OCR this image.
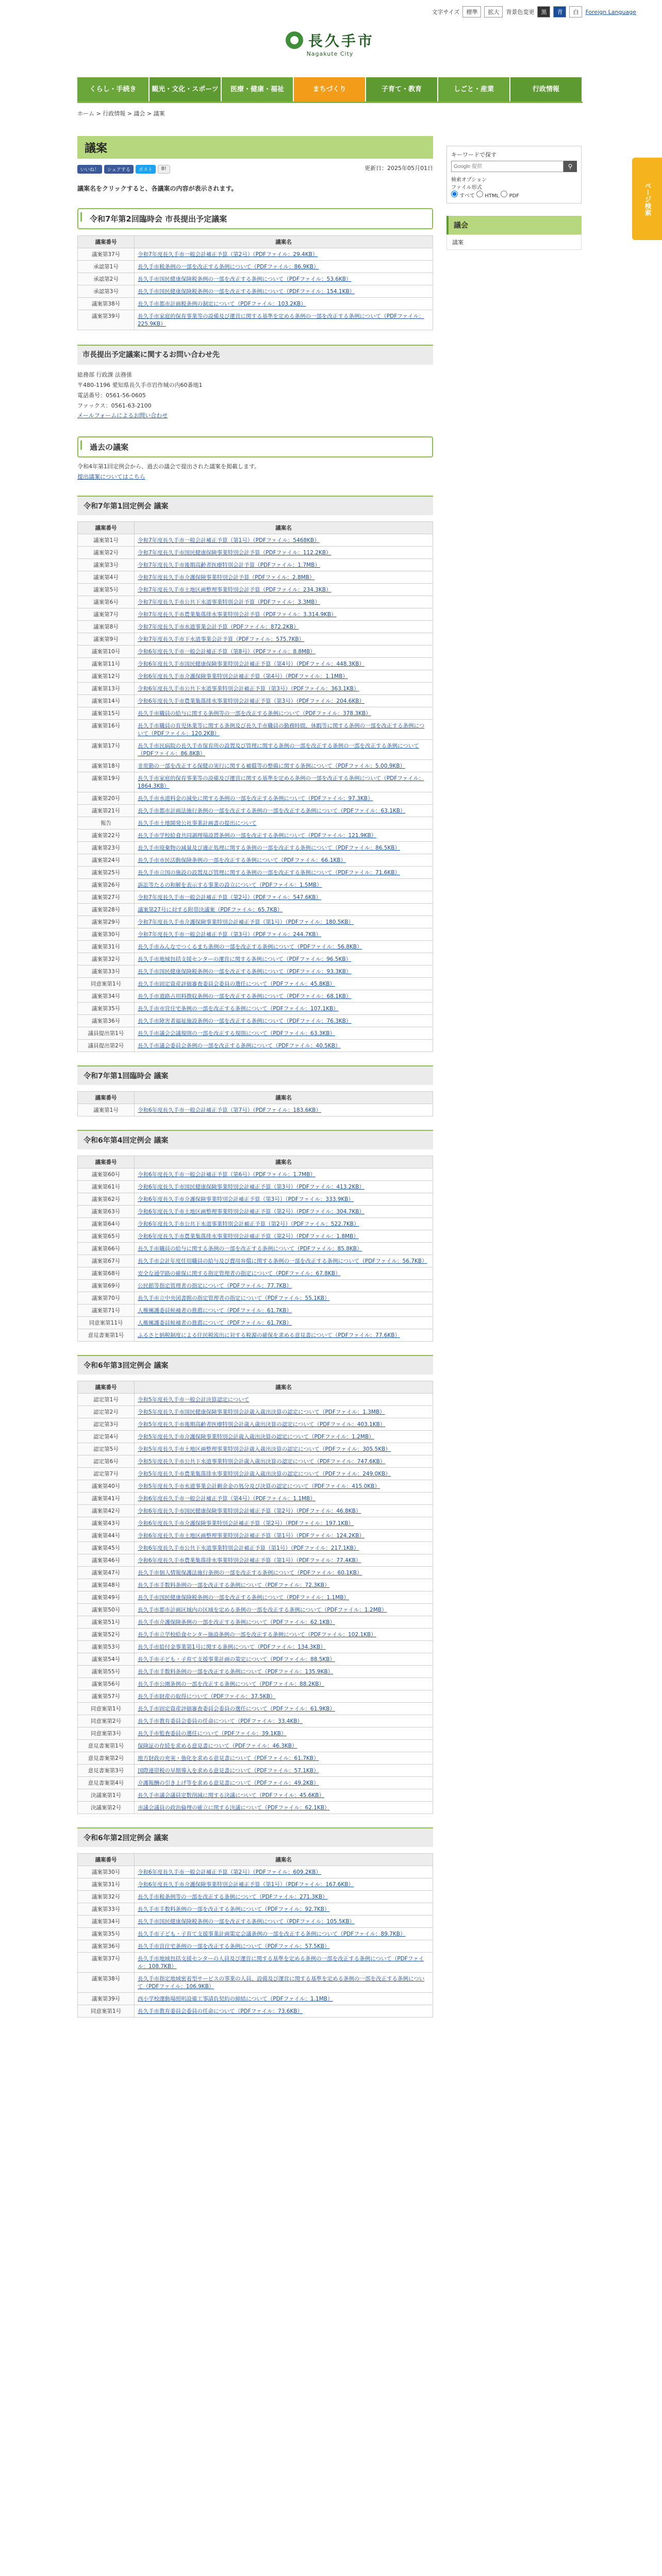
文字サイズ	標準	拡大	背景色変更	黒	青	白	Foreign Language
長久手市
Nagakute City
くらし・手続き	観光・文化・スポーツ	医療・健康・福祉	まちづくり	子育て・教育	しごと・産業	行政情報
ホーム > 行政情報 > 議会 > 議案
ページ検索
議案
いいね！	シェアする	ポスト	B!	更新日：2025年05月01日
議案名をクリックすると、各議案の内容が表示されます。
令和7年第2回臨時会 市長提出予定議案
議案番号	議案名
議案第37号	令和7年度長久手市一般会計補正予算（第2号）（PDFファイル：29.4KB）
承認第1号	長久手市税条例の一部を改正する条例について（PDFファイル：86.9KB）
承認第2号	長久手市国民健康保険税条例の一部を改正する条例について（PDFファイル：53.6KB）
承認第3号	長久手市国民健康保険税条例の一部を改正する条例について（PDFファイル：154.1KB）
議案第38号	長久手市都市計画税条例の制定について（PDFファイル：103.2KB）
議案第39号	長久手市家庭的保育事業等の設備及び運営に関する基準を定める条例の一部を改正する条例について（PDFファイル：225.9KB）
市長提出予定議案に関するお問い合わせ先
総務部 行政課 法務係
〒480-1196 愛知県長久手市岩作城の内60番地1
電話番号：0561-56-0605
ファックス：0561-63-2100
メールフォームによるお問い合わせ
過去の議案
令和4年第1回定例会から、過去の議会で提出された議案を掲載します。
提出議案についてはこちら
令和7年第1回定例会 議案
議案番号	議案名
議案第1号	令和7年度長久手市一般会計補正予算（第1号）（PDFファイル：5468KB）
議案第2号	令和7年度長久手市国民健康保険事業特別会計予算（PDFファイル：112.2KB）
議案第3号	令和7年度長久手市後期高齢者医療特別会計予算（PDFファイル：1.7MB）
議案第4号	令和7年度長久手市介護保険事業特別会計予算（PDFファイル：2.8MB）
議案第5号	令和7年度長久手市土地区画整理事業特別会計予算（PDFファイル：234.3KB）
議案第6号	令和7年度長久手市公共下水道事業特別会計予算（PDFファイル：3.3MB）
議案第7号	令和7年度長久手市農業集落排水事業特別会計予算（PDFファイル：3.314.9KB）
議案第8号	令和7年度長久手市水道事業会計予算（PDFファイル：872.2KB）
議案第9号	令和7年度長久手市下水道事業会計予算（PDFファイル：575.7KB）
議案第10号	令和6年度長久手市一般会計補正予算（第8号）（PDFファイル：8.8MB）
議案第11号	令和6年度長久手市国民健康保険事業特別会計補正予算（第4号）（PDFファイル：448.3KB）
議案第12号	令和6年度長久手市介護保険事業特別会計補正予算（第4号）（PDFファイル：1.1MB）
議案第13号	令和6年度長久手市公共下水道事業特別会計補正予算（第3号）（PDFファイル：363.1KB）
議案第14号	令和6年度長久手市農業集落排水事業特別会計補正予算（第3号）（PDFファイル：204.6KB）
議案第15号	長久手市職員の給与に関する条例等の一部を改正する条例について（PDFファイル：378.3KB）
議案第16号	長久手市職員の育児休業等に関する条例及び長久手市職員の勤務時間、休暇等に関する条例の一部を改正する条例について（PDFファイル：120.2KB）
議案第17号	長久手市民病院の長久手市保育所の設置及び管理に関する条例の一部を改正する条例の一部を改正する条例について（PDFファイル：86.8KB）
議案第18号	非常勤の一部を改正する保健の実行に関する補償等の整備に関する条例について（PDFファイル：5.00.9KB）
議案第19号	長久手市家庭的保育事業等の設備及び運営に関する基準を定める条例の一部を改正する条例について（PDFファイル：1864.3KB）
議案第20号	長久手市水道料金の減免に関する条例の一部を改正する条例について（PDFファイル：97.3KB）
議案第21号	長久手市都市計画法施行条例の一部を改正する条例の一部を改正する条例について（PDFファイル：63.1KB）
報告	長久手市土地開発公社事業計画書の提出について
議案第22号	長久手市学校給食共同調理場設置条例の一部を改正する条例について（PDFファイル：121.9KB）
議案第23号	長久手市廃棄物の減量及び適正処理に関する条例の一部を改正する条例について（PDFファイル：86.5KB）
議案第24号	長久手市市民活動保険条例の一部を改正する条例について（PDFファイル：66.1KB）
議案第25号	長久手市立国の施設の設置及び管理に関する条例の一部を改正する条例について（PDFファイル：71.6KB）
議案第26号	訴訟等たるの和解を表示する事業の設立について（PDFファイル：1.5MB）
議案第27号	令和7年度長久手市一般会計補正予算（第2号）（PDFファイル：547.6KB）
議案第28号	議案第27号に対する附帯決議案（PDFファイル：65.7KB）
議案第29号	令和7年度長久手市介護保険事業特別会計補正予算（第1号）（PDFファイル：180.5KB）
議案第30号	令和7年度長久手市一般会計補正予算（第3号）（PDFファイル：244.7KB）
議案第31号	長久手市みんなでつくるまち条例の一部を改正する条例について（PDFファイル：56.8KB）
議案第32号	長久手市地域包括支援センターの運営に関する条例について（PDFファイル：96.5KB）
議案第33号	長久手市国民健康保険税条例の一部を改正する条例について（PDFファイル：93.3KB）
同意案第1号	長久手市固定資産評価審査委員会委員の選任について（PDFファイル：45.8KB）
議案第34号	長久手市道路占用料徴収条例の一部を改正する条例について（PDFファイル：68.1KB）
議案第35号	長久手市市営住宅条例の一部を改正する条例について（PDFファイル：107.1KB）
議案第36号	長久手市障害者福祉施設条例の一部を改正する条例について（PDFファイル：76.3KB）
議員提出第1号	長久手市議会会議規則の一部を改正する規則について（PDFファイル：63.3KB）
議員提出第2号	長久手市議会委員会条例の一部を改正する条例について（PDFファイル：40.5KB）
令和7年第1回臨時会 議案
議案番号	議案名
議案第1号	令和6年度長久手市一般会計補正予算（第7号）（PDFファイル：183.6KB）
令和6年第4回定例会 議案
議案番号	議案名
議案第60号	令和6年度長久手市一般会計補正予算（第6号）（PDFファイル：1.7MB）
議案第61号	令和6年度長久手市国民健康保険事業特別会計補正予算（第3号）（PDFファイル：413.2KB）
議案第62号	令和6年度長久手市介護保険事業特別会計補正予算（第3号）（PDFファイル：333.9KB）
議案第63号	令和6年度長久手市土地区画整理事業特別会計補正予算（第2号）（PDFファイル：304.7KB）
議案第64号	令和6年度長久手市公共下水道事業特別会計補正予算（第2号）（PDFファイル：522.7KB）
議案第65号	令和6年度長久手市農業集落排水事業特別会計補正予算（第2号）（PDFファイル：1.8MB）
議案第66号	長久手市職員の給与に関する条例の一部を改正する条例について（PDFファイル：85.8KB）
議案第67号	長久手市会計年度任用職員の給与及び費用弁償に関する条例の一部を改正する条例について（PDFファイル：56.7KB）
議案第68号	安全な通学路の確保に関する指定管理者の指定について（PDFファイル：67.8KB）
議案第69号	公民館等指定管理者の指定について（PDFファイル：77.7KB）
議案第70号	長久手市立中央図書館の指定管理者の指定について（PDFファイル：55.1KB）
議案第71号	人権擁護委員候補者の推薦について（PDFファイル：61.7KB）
同意案第11号	人権擁護委員候補者の推薦について（PDFファイル：61.7KB）
意見書案第1号	ふるさと納税制度による住民税流出に対する税源の確保を求める意見書について（PDFファイル：77.6KB）
令和6年第3回定例会 議案
議案番号	議案名
認定第1号	令和5年度長久手市一般会計決算認定について
認定第2号	令和5年度長久手市国民健康保険事業特別会計歳入歳出決算の認定について（PDFファイル：1.3MB）
認定第3号	令和5年度長久手市後期高齢者医療特別会計歳入歳出決算の認定について（PDFファイル：403.1KB）
認定第4号	令和5年度長久手市介護保険事業特別会計歳入歳出決算の認定について（PDFファイル：1.2MB）
認定第5号	令和5年度長久手市土地区画整理事業特別会計歳入歳出決算の認定について（PDFファイル：305.5KB）
認定第6号	令和5年度長久手市公共下水道事業特別会計歳入歳出決算の認定について（PDFファイル：747.6KB）
認定第7号	令和5年度長久手市農業集落排水事業特別会計歳入歳出決算の認定について（PDFファイル：249.0KB）
議案第40号	令和5年度長久手市水道事業会計剰余金の処分及び決算の認定について（PDFファイル：415.0KB）
議案第41号	令和6年度長久手市一般会計補正予算（第4号）（PDFファイル：1.1MB）
議案第42号	令和6年度長久手市国民健康保険事業特別会計補正予算（第2号）（PDFファイル：46.8KB）
議案第43号	令和6年度長久手市介護保険事業特別会計補正予算（第2号）（PDFファイル：197.1KB）
議案第44号	令和6年度長久手市土地区画整理事業特別会計補正予算（第1号）（PDFファイル：124.2KB）
議案第45号	令和6年度長久手市公共下水道事業特別会計補正予算（第1号）（PDFファイル：217.1KB）
議案第46号	令和6年度長久手市農業集落排水事業特別会計補正予算（第1号）（PDFファイル：77.4KB）
議案第47号	長久手市個人情報保護法施行条例の一部を改正する条例について（PDFファイル：60.1KB）
議案第48号	長久手市手数料条例の一部を改正する条例について（PDFファイル：72.3KB）
議案第49号	長久手市国民健康保険税条例の一部を改正する条例について（PDFファイル：1.1MB）
議案第50号	長久手市都市計画区域内の区域を定める条例の一部を改正する条例について（PDFファイル：1.2MB）
議案第51号	長久手市介護保険条例の一部を改正する条例について（PDFファイル：62.1KB）
議案第52号	長久手市立学校給食センター施設条例の一部を改正する条例について（PDFファイル：102.1KB）
議案第53号	長久手市給付金事業第1号に関する条例について（PDFファイル：134.3KB）
議案第54号	長久手市子ども・子育て支援事業計画の策定について（PDFファイル：88.5KB）
議案第55号	長久手市手数料条例の一部を改正する条例について（PDFファイル：135.9KB）
議案第56号	長久手市公園条例の一部を改正する条例について（PDFファイル：88.2KB）
議案第57号	長久手市財産の取得について（PDFファイル：37.5KB）
同意案第1号	長久手市固定資産評価審査委員会委員の選任について（PDFファイル：61.9KB）
同意案第2号	長久手市教育委員会委員の任命について（PDFファイル：33.4KB）
同意案第3号	長久手市監査委員の選任について（PDFファイル：39.1KB）
意見書案第1号	保険証の存続を求める意見書について（PDFファイル：46.3KB）
意見書案第2号	地方財政の充実・強化を求める意見書について（PDFファイル：61.7KB）
意見書案第3号	国際連帯税の早期導入を求める意見書について（PDFファイル：57.1KB）
意見書案第4号	介護報酬の引き上げ等を求める意見書について（PDFファイル：49.2KB）
決議案第1号	長久手市議会議員定数削減に関する決議について（PDFファイル：45.6KB）
決議案第2号	市議会議員の政治倫理の確立に関する決議について（PDFファイル：62.1KB）
令和6年第2回定例会 議案
議案番号	議案名
議案第30号	令和6年度長久手市一般会計補正予算（第2号）（PDFファイル：609.2KB）
議案第31号	令和6年度長久手市介護保険事業特別会計補正予算（第1号）（PDFファイル：167.6KB）
議案第32号	長久手市税条例等の一部を改正する条例について（PDFファイル：271.3KB）
議案第33号	長久手市手数料条例の一部を改正する条例について（PDFファイル：92.7KB）
議案第34号	長久手市国民健康保険税条例の一部を改正する条例について（PDFファイル：105.5KB）
議案第35号	長久手市子ども・子育て支援事業計画策定会議条例の一部を改正する条例について（PDFファイル：89.7KB）
議案第36号	長久手市営住宅条例の一部を改正する条例について（PDFファイル：57.5KB）
議案第37号	長久手市地域包括支援センターの人員及び運営に関する基準を定める条例の一部を改正する条例について（PDFファイル：108.7KB）
議案第38号	長久手市指定地域密着型サービスの事業の人員、設備及び運営に関する基準を定める条例の一部を改正する条例について（PDFファイル：106.9KB）
議案第39号	西小学校運動場照明設備工事請負契約の締結について（PDFファイル：1.1MB）
同意案第1号	長久手市教育委員会委員の任命について（PDFファイル：73.6KB）
キーワードで探す
Google 提供
⚲
検索オプション
ファイル形式
すべて HTML PDF
議会
議案
